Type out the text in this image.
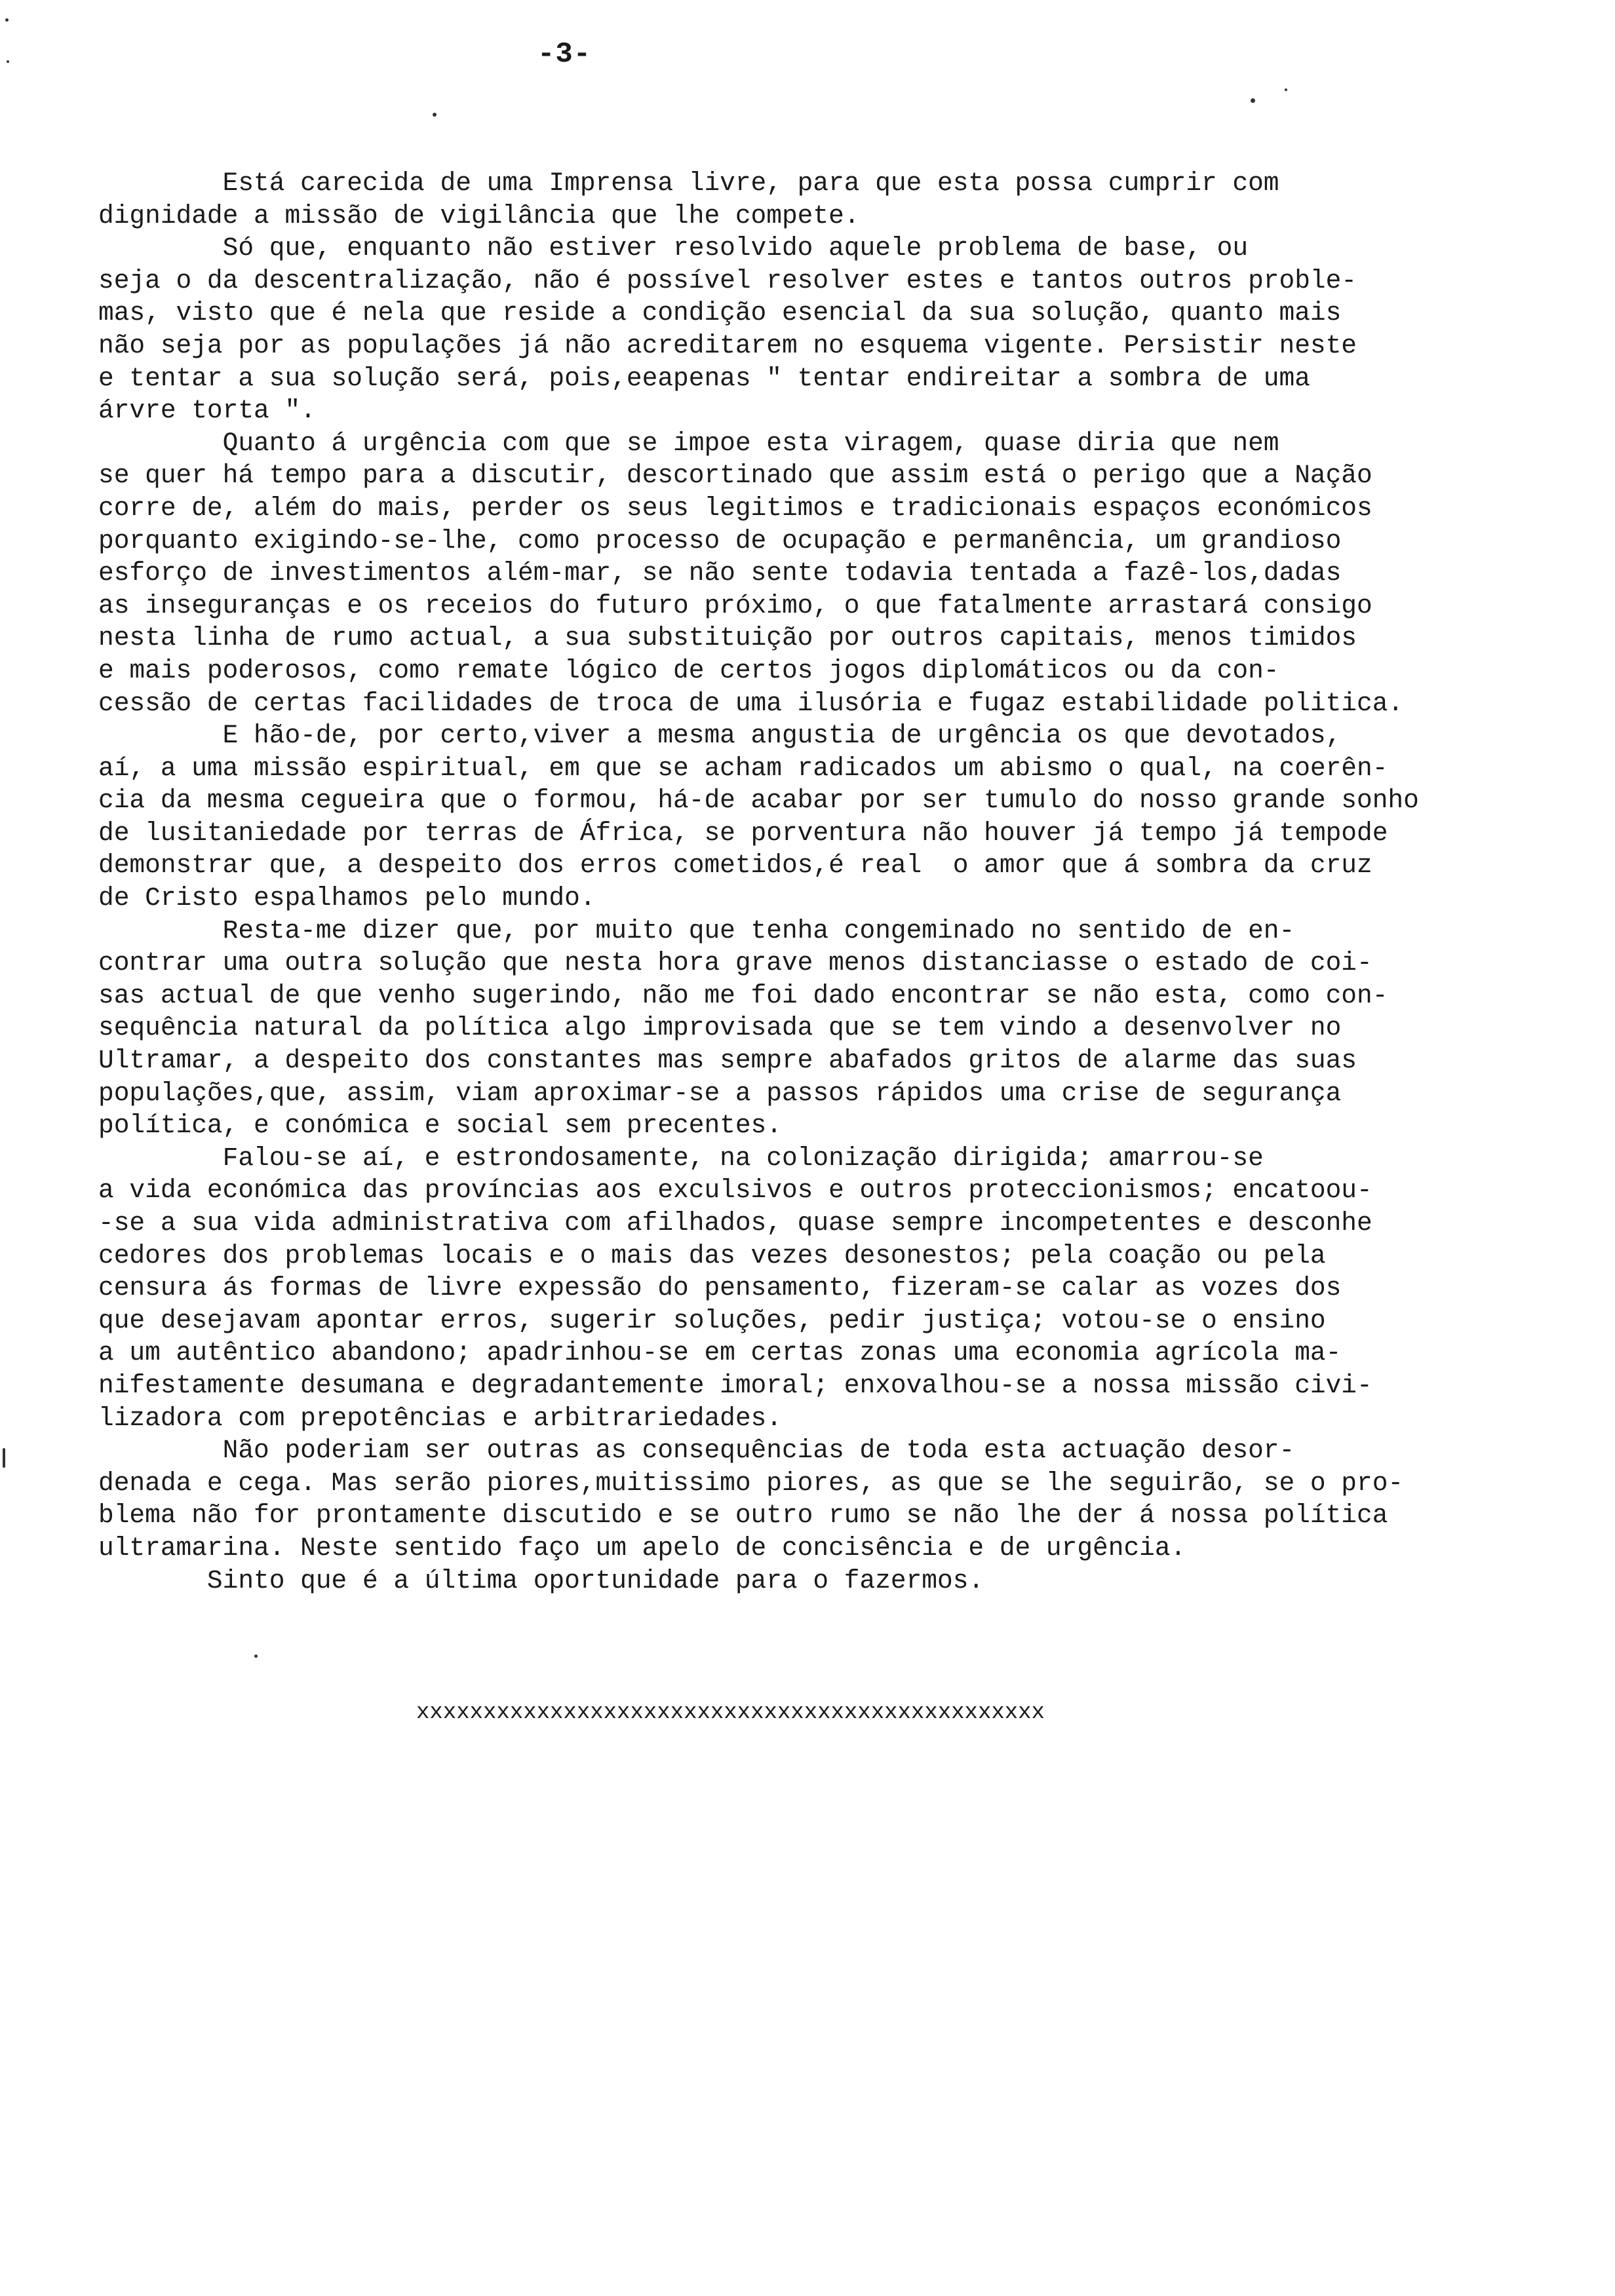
-3-
Está carecida de uma Imprensa livre, para que esta possa cumprir com
dignidade a missão de vigilância que lhe compete.
Só que, enquanto não estiver resolvido aquele problema de base, ou
seja o da descentralização, não é possível resolver estes e tantos outros proble-
mas, visto que é nela que reside a condição esencial da sua solução, quanto mais
não seja por as populações já não acreditarem no esquema vigente. Persistir neste
e tentar a sua solução será, pois,eeapenas " tentar endireitar a sombra de uma
árvre torta ".
Quanto á urgência com que se impoe esta viragem, quase diria que nem
se quer há tempo para a discutir, descortinado que assim está o perigo que a Nação
corre de, além do mais, perder os seus legitimos e tradicionais espaços económicos
porquanto exigindo-se-lhe, como processo de ocupação e permanência, um grandioso
esforço de investimentos além-mar, se não sente todavia tentada a fazê-los,dadas
as inseguranças e os receios do futuro próximo, o que fatalmente arrastará consigo
nesta linha de rumo actual, a sua substituição por outros capitais, menos timidos
e mais poderosos, como remate lógico de certos jogos diplomáticos ou da con-
cessão de certas facilidades de troca de uma ilusória e fugaz estabilidade politica.
E hão-de, por certo,viver a mesma angustia de urgência os que devotados,
aí, a uma missão espiritual, em que se acham radicados um abismo o qual, na coerên-
cia da mesma cegueira que o formou, há-de acabar por ser tumulo do nosso grande sonho
de lusitaniedade por terras de África, se porventura não houver já tempo já tempode
demonstrar que, a despeito dos erros cometidos,é real  o amor que á sombra da cruz
de Cristo espalhamos pelo mundo.
Resta-me dizer que, por muito que tenha congeminado no sentido de en-
contrar uma outra solução que nesta hora grave menos distanciasse o estado de coi-
sas actual de que venho sugerindo, não me foi dado encontrar se não esta, como con-
sequência natural da política algo improvisada que se tem vindo a desenvolver no
Ultramar, a despeito dos constantes mas sempre abafados gritos de alarme das suas
populações,que, assim, viam aproximar-se a passos rápidos uma crise de segurança
política, e conómica e social sem precentes.
Falou-se aí, e estrondosamente, na colonização dirigida; amarrou-se
a vida económica das províncias aos exculsivos e outros proteccionismos; encatoou-
-se a sua vida administrativa com afilhados, quase sempre incompetentes e desconhe
cedores dos problemas locais e o mais das vezes desonestos; pela coação ou pela
censura ás formas de livre expessão do pensamento, fizeram-se calar as vozes dos
que desejavam apontar erros, sugerir soluções, pedir justiça; votou-se o ensino
a um autêntico abandono; apadrinhou-se em certas zonas uma economia agrícola ma-
nifestamente desumana e degradantemente imoral; enxovalhou-se a nossa missão civi-
lizadora com prepotências e arbitrariedades.
Não poderiam ser outras as consequências de toda esta actuação desor-
denada e cega. Mas serão piores,muitissimo piores, as que se lhe seguirão, se o pro-
blema não for prontamente discutido e se outro rumo se não lhe der á nossa política
ultramarina. Neste sentido faço um apelo de concisência e de urgência.
Sinto que é a última oportunidade para o fazermos.
xxxxxxxxxxxxxxxxxxxxxxxxxxxxxxxxxxxxxxxxxxxxxxx
